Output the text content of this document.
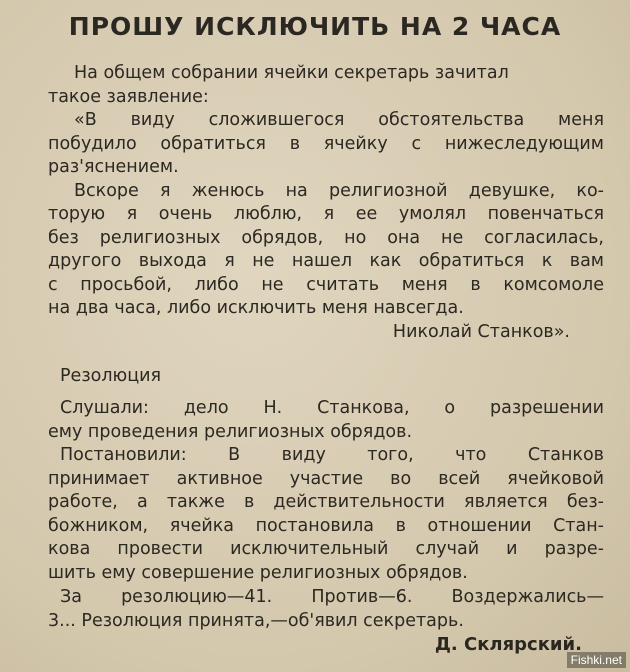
ПРОШУ ИСКЛЮЧИТЬ НА 2 ЧАСА
На общем собрании ячейки секретарь зачитал
такое заявление:
«В виду сложившегося обстоятельства меня
побудило обратиться в ячейку с нижеследующим
раз'яснением.
Вскоре я женюсь на религиозной девушке, ко-
торую я очень люблю, я ее умолял повенчаться
без религиозных обрядов, но она не согласилась,
другого выхода я не нашел как обратиться к вам
с просьбой, либо не считать меня в комсомоле
на два часа, либо исключить меня навсегда.
Николай Станков».
Резолюция
Слушали: дело Н. Станкова, о разрешении
ему проведения религиозных обрядов.
Постановили: В виду того, что Станков
принимает активное участие во всей ячейковой
работе, а также в действительности является без-
божником, ячейка постановила в отношении Стан-
кова провести исключительный случай и разре-
шить ему совершение религиозных обрядов.
За резолюцию—41. Против—6. Воздержались—
3... Резолюция принята,—об'явил секретарь.
Д. Склярский.
Fishki.net
